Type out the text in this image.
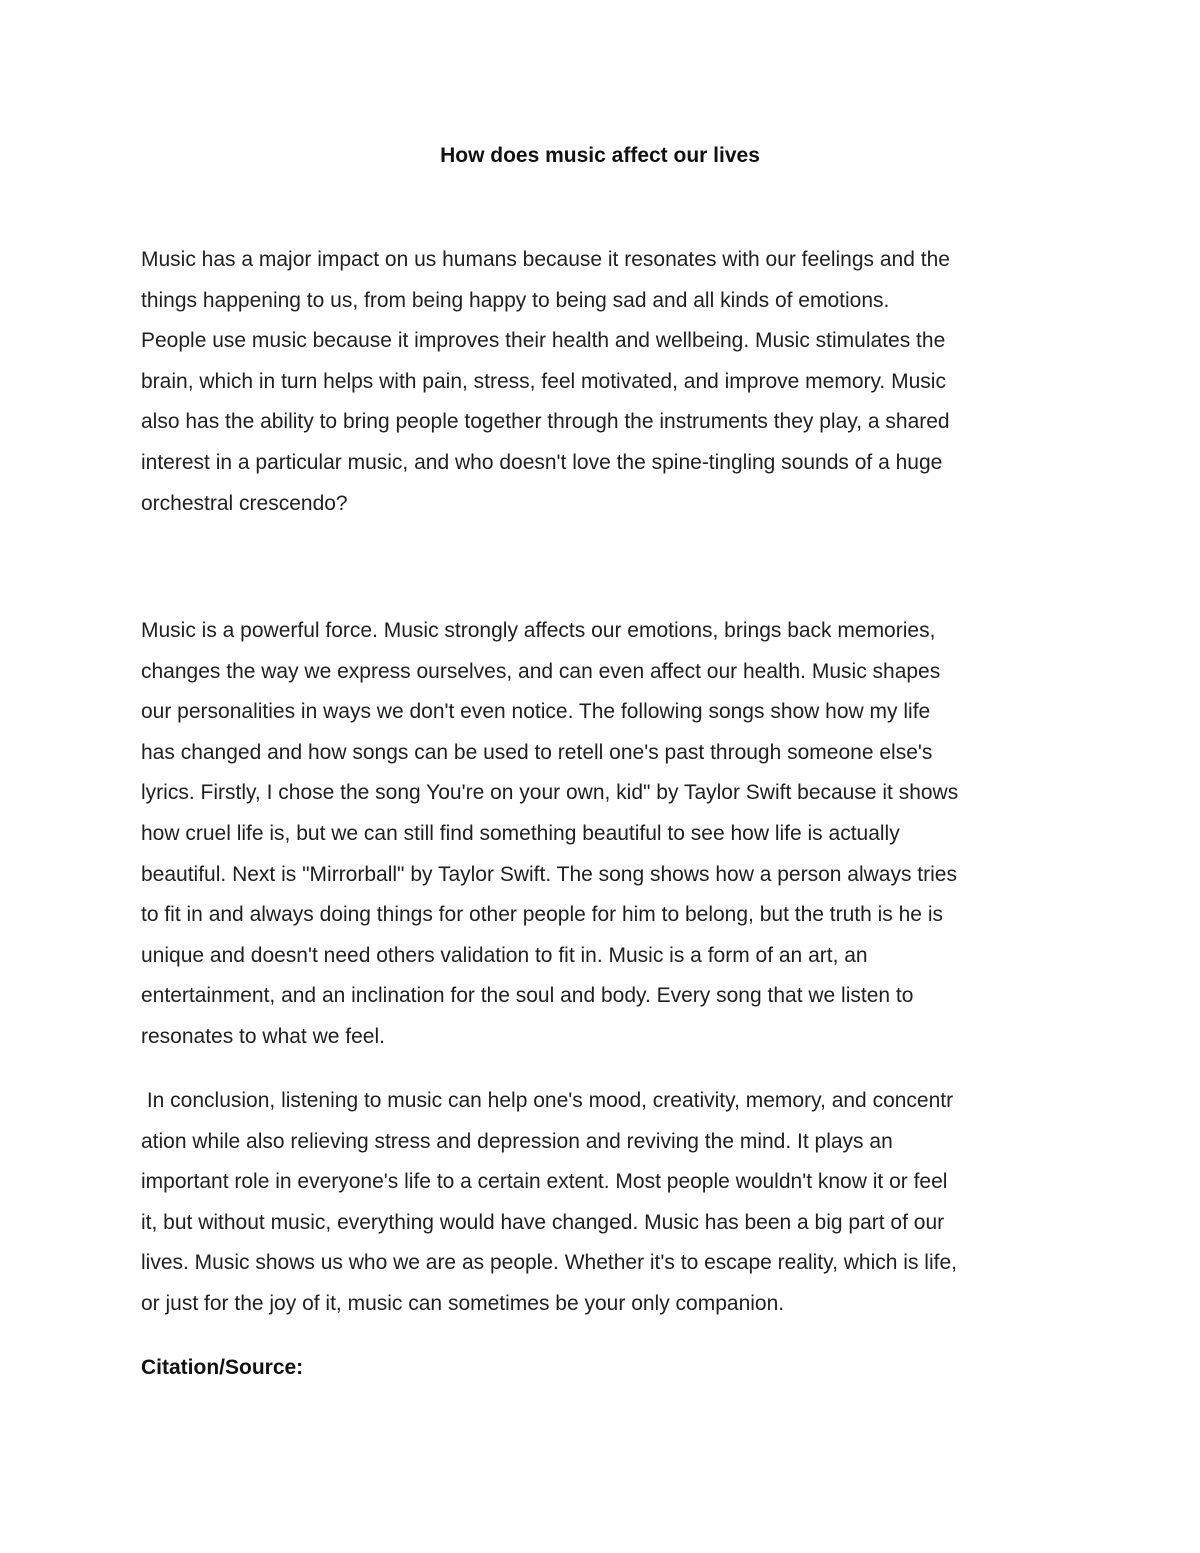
How does music affect our lives
Music has a major impact on us humans because it resonates with our feelings and the
things happening to us, from being happy to being sad and all kinds of emotions.
People use music because it improves their health and wellbeing. Music stimulates the
brain, which in turn helps with pain, stress, feel motivated, and improve memory. Music
also has the ability to bring people together through the instruments they play, a shared
interest in a particular music, and who doesn't love the spine-tingling sounds of a huge
orchestral crescendo?
Music is a powerful force. Music strongly affects our emotions, brings back memories,
changes the way we express ourselves, and can even affect our health. Music shapes
our personalities in ways we don't even notice. The following songs show how my life
has changed and how songs can be used to retell one's past through someone else's
lyrics. Firstly, I chose the song You're on your own, kid" by Taylor Swift because it shows
how cruel life is, but we can still find something beautiful to see how life is actually
beautiful. Next is "Mirrorball" by Taylor Swift. The song shows how a person always tries
to fit in and always doing things for other people for him to belong, but the truth is he is
unique and doesn't need others validation to fit in. Music is a form of an art, an
entertainment, and an inclination for the soul and body. Every song that we listen to
resonates to what we feel.
In conclusion, listening to music can help one's mood, creativity, memory, and concentr
ation while also relieving stress and depression and reviving the mind. It plays an
important role in everyone's life to a certain extent. Most people wouldn't know it or feel
it, but without music, everything would have changed. Music has been a big part of our
lives. Music shows us who we are as people. Whether it's to escape reality, which is life,
or just for the joy of it, music can sometimes be your only companion.

Citation/Source:
